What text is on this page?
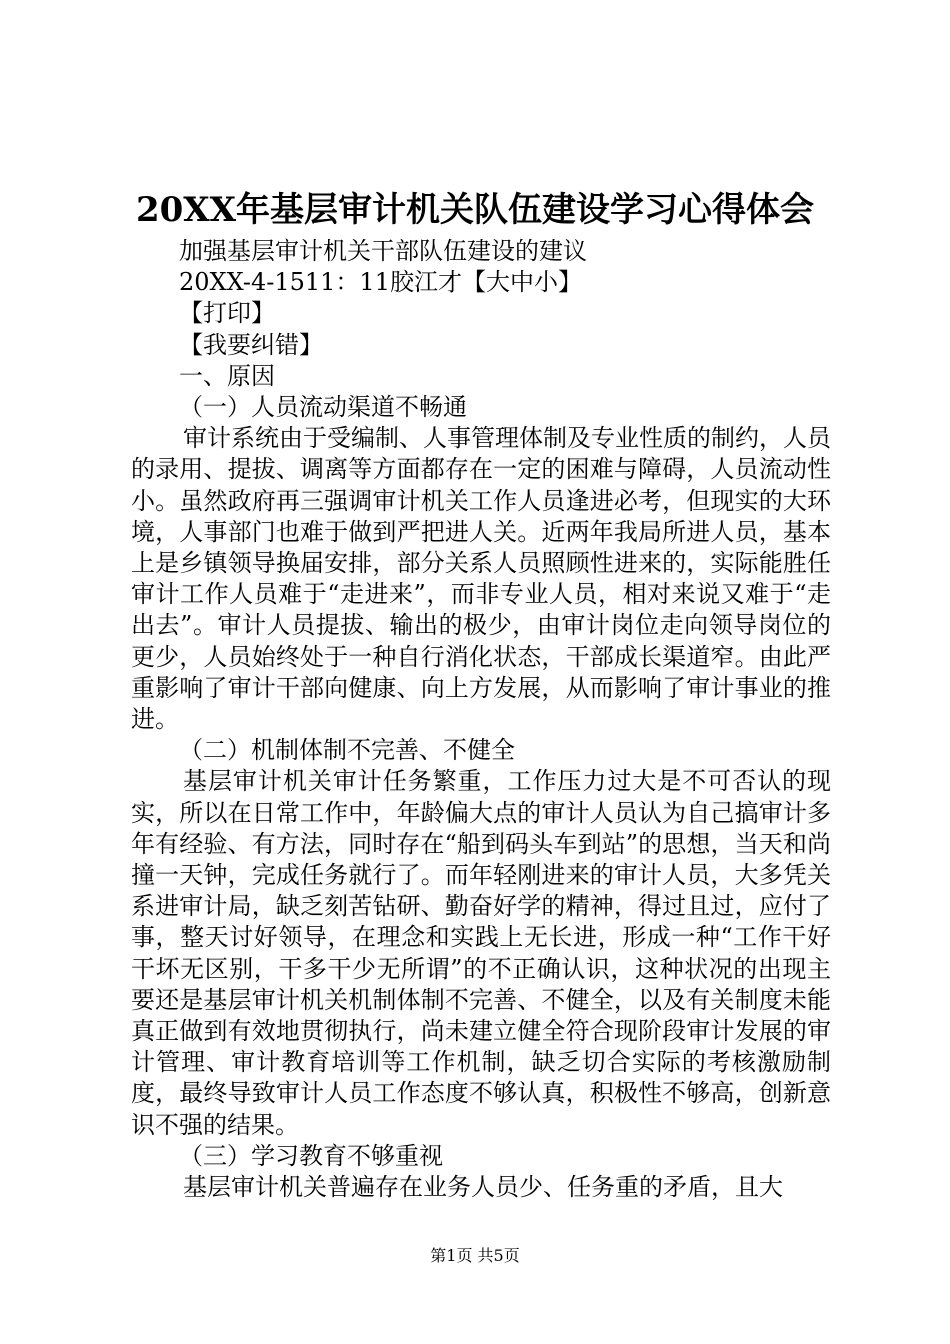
20XX年基层审计机关队伍建设学习心得体会
加强基层审计机关干部队伍建设的建议
20XX-4-1511：11胶江才【大中小】
【打印】
【我要纠错】
一、原因
（一）人员流动渠道不畅通
审计系统由于受编制、人事管理体制及专业性质的制约，人员的录用、提拔、调离等方面都存在一定的困难与障碍，人员流动性小。虽然政府再三强调审计机关工作人员逢进必考，但现实的大环境，人事部门也难于做到严把进人关。近两年我局所进人员，基本上是乡镇领导换届安排，部分关系人员照顾性进来的，实际能胜任审计工作人员难于“走进来”，而非专业人员，相对来说又难于“走出去”。审计人员提拔、输出的极少，由审计岗位走向领导岗位的更少，人员始终处于一种自行消化状态，干部成长渠道窄。由此严重影响了审计干部向健康、向上方发展，从而影响了审计事业的推进。
（二）机制体制不完善、不健全
基层审计机关审计任务繁重，工作压力过大是不可否认的现实，所以在日常工作中，年龄偏大点的审计人员认为自己搞审计多年有经验、有方法，同时存在“船到码头车到站”的思想，当天和尚撞一天钟，完成任务就行了。而年轻刚进来的审计人员，大多凭关系进审计局，缺乏刻苦钻研、勤奋好学的精神，得过且过，应付了事，整天讨好领导，在理念和实践上无长进，形成一种“工作干好干坏无区别，干多干少无所谓”的不正确认识，这种状况的出现主要还是基层审计机关机制体制不完善、不健全，以及有关制度未能真正做到有效地贯彻执行，尚未建立健全符合现阶段审计发展的审计管理、审计教育培训等工作机制，缺乏切合实际的考核激励制度，最终导致审计人员工作态度不够认真，积极性不够高，创新意识不强的结果。
（三）学习教育不够重视
基层审计机关普遍存在业务人员少、任务重的矛盾，且大
第1页 共5页
